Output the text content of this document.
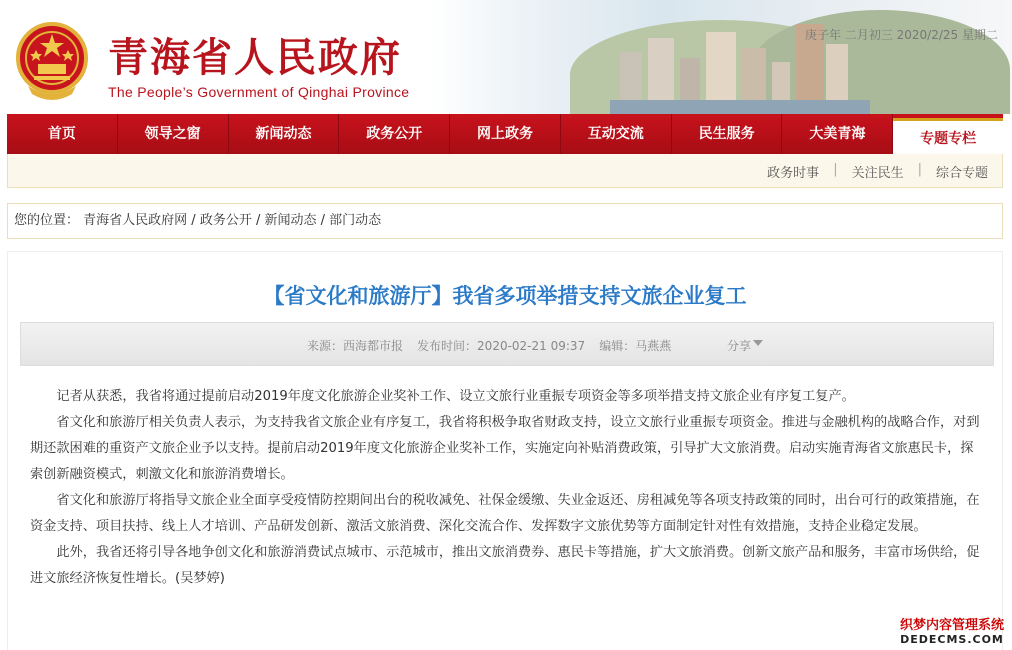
青海省人民政府
The People’s Government of Qinghai Province
庚子年 二月初三 2020/2/25 星期二
首页	领导之窗	新闻动态	政务公开	网上政务	互动交流	民生服务	大美青海	专题专栏
政务时事 | 关注民生 | 综合专题
您的位置： 青海省人民政府网 / 政务公开 / 新闻动态 / 部门动态
【省文化和旅游厅】我省多项举措支持文旅企业复工
来源：西海都市报 发布时间：2020-02-21 09:37 编辑：马燕燕	分享

记者从获悉，我省将通过提前启动2019年度文化旅游企业奖补工作、设立文旅行业重振专项资金等多项举措支持文旅企业有序复工复产。

省文化和旅游厅相关负责人表示，为支持我省文旅企业有序复工，我省将积极争取省财政支持，设立文旅行业重振专项资金。推进与金融机构的战略合作，对到期还款困难的重资产文旅企业予以支持。提前启动2019年度文化旅游企业奖补工作，实施定向补贴消费政策，引导扩大文旅消费。启动实施青海省文旅惠民卡，探索创新融资模式，刺激文化和旅游消费增长。

省文化和旅游厅将指导文旅企业全面享受疫情防控期间出台的税收减免、社保金缓缴、失业金返还、房租减免等各项支持政策的同时，出台可行的政策措施，在资金支持、项目扶持、线上人才培训、产品研发创新、激活文旅消费、深化交流合作、发挥数字文旅优势等方面制定针对性有效措施，支持企业稳定发展。

此外，我省还将引导各地争创文化和旅游消费试点城市、示范城市，推出文旅消费券、惠民卡等措施，扩大文旅消费。创新文旅产品和服务，丰富市场供给，促进文旅经济恢复性增长。(吴梦婷)

织梦内容管理系统
DEDECMS.COM
